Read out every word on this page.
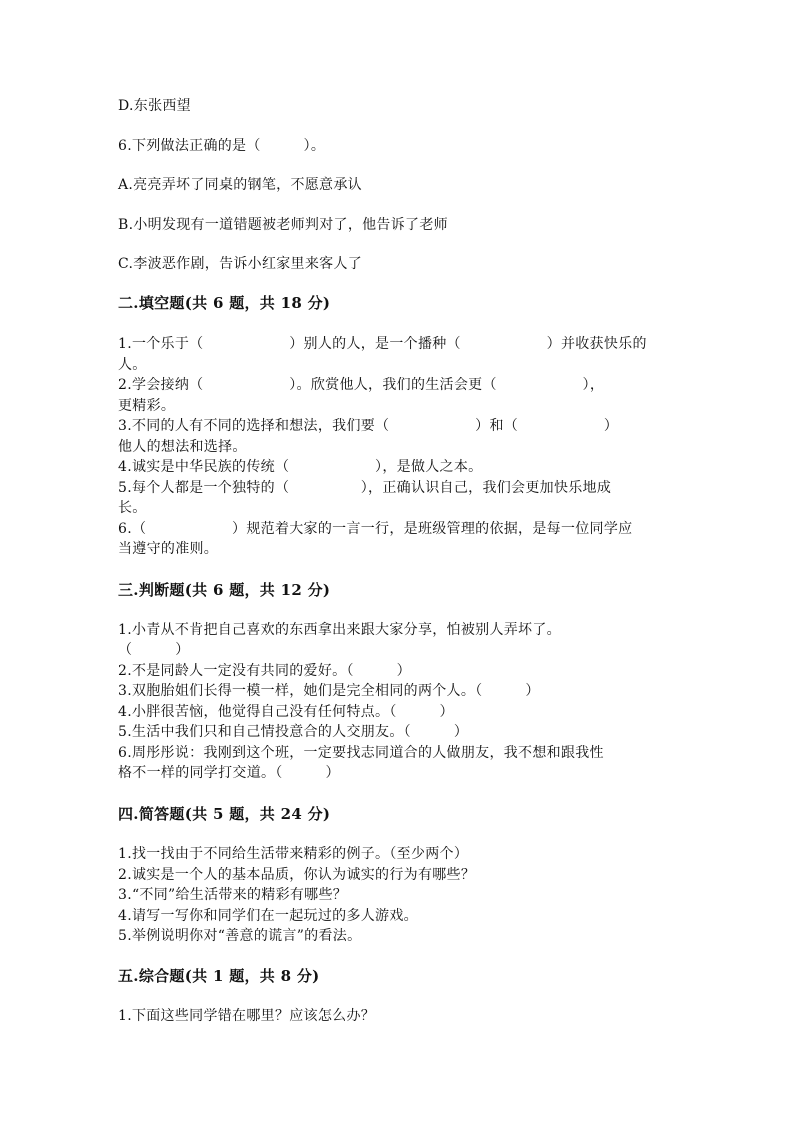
D.东张西望
6.下列做法正确的是（　　　）。
A.亮亮弄坏了同桌的钢笔，不愿意承认
B.小明发现有一道错题被老师判对了，他告诉了老师
C.李波恶作剧，告诉小红家里来客人了
二.填空题(共 6 题，共 18 分)
1.一个乐于（　　　　　　）别人的人，是一个播种（　　　　　　）并收获快乐的
人。
2.学会接纳（　　　　　　）。欣赏他人，我们的生活会更（　　　　　　），
更精彩。
3.不同的人有不同的选择和想法，我们要（　　　　　　）和（　　　　　　）
他人的想法和选择。
4.诚实是中华民族的传统（　　　　　　），是做人之本。
5.每个人都是一个独特的（　　　　　），正确认识自己，我们会更加快乐地成
长。
6.（　　　　　　）规范着大家的一言一行，是班级管理的依据，是每一位同学应
当遵守的准则。
三.判断题(共 6 题，共 12 分)
1.小青从不肯把自己喜欢的东西拿出来跟大家分享，怕被别人弄坏了。
（　　　）
2.不是同龄人一定没有共同的爱好。（　　　）
3.双胞胎姐们长得一模一样，她们是完全相同的两个人。（　　　）
4.小胖很苦恼，他觉得自己没有任何特点。（　　　）
5.生活中我们只和自己情投意合的人交朋友。（　　　）
6.周彤彤说：我刚到这个班，一定要找志同道合的人做朋友，我不想和跟我性
格不一样的同学打交道。（　　　）
四.简答题(共 5 题，共 24 分)
1.找一找由于不同给生活带来精彩的例子。（至少两个）
2.诚实是一个人的基本品质，你认为诚实的行为有哪些？
3.“不同”给生活带来的精彩有哪些？
4.请写一写你和同学们在一起玩过的多人游戏。
5.举例说明你对“善意的谎言”的看法。
五.综合题(共 1 题，共 8 分)
1.下面这些同学错在哪里？应该怎么办？
